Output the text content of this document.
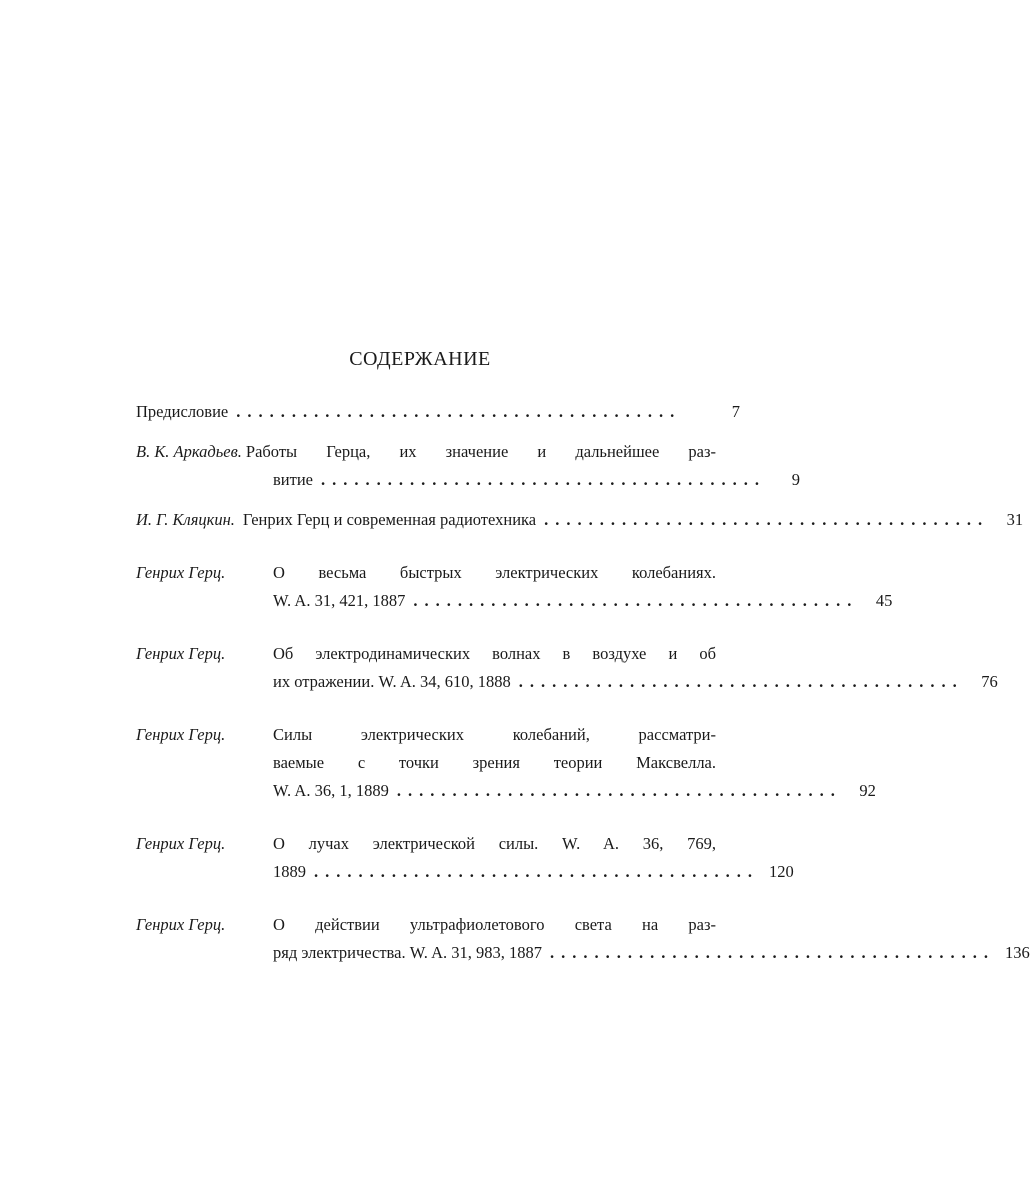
СОДЕРЖАНИЕ
Предисловие ........................................	7
В. К. Аркадьев. Работы Герца, их значение и дальнейшее раз-
витие ........................................	9
И. Г. Кляцкин. Генрих Герц и современная радиотехника ........................................	31
Генрих Герц.	О весьма быстрых электрических колебаниях.
W. A. 31, 421, 1887 ........................................	45
Генрих Герц.	Об электродинамических волнах в воздухе и об
их отражении. W. A. 34, 610, 1888 ........................................	76
Генрих Герц.	Силы электрических колебаний, рассматри-
ваемые с точки зрения теории Максвелла.
W. A. 36, 1, 1889 ........................................	92
Генрих Герц.	О лучах электрической силы. W. A. 36, 769,
1889 ........................................ 120
Генрих Герц.	О действии ультрафиолетового света на раз-
ряд электричества. W. A. 31, 983, 1887 ........................................ 136
